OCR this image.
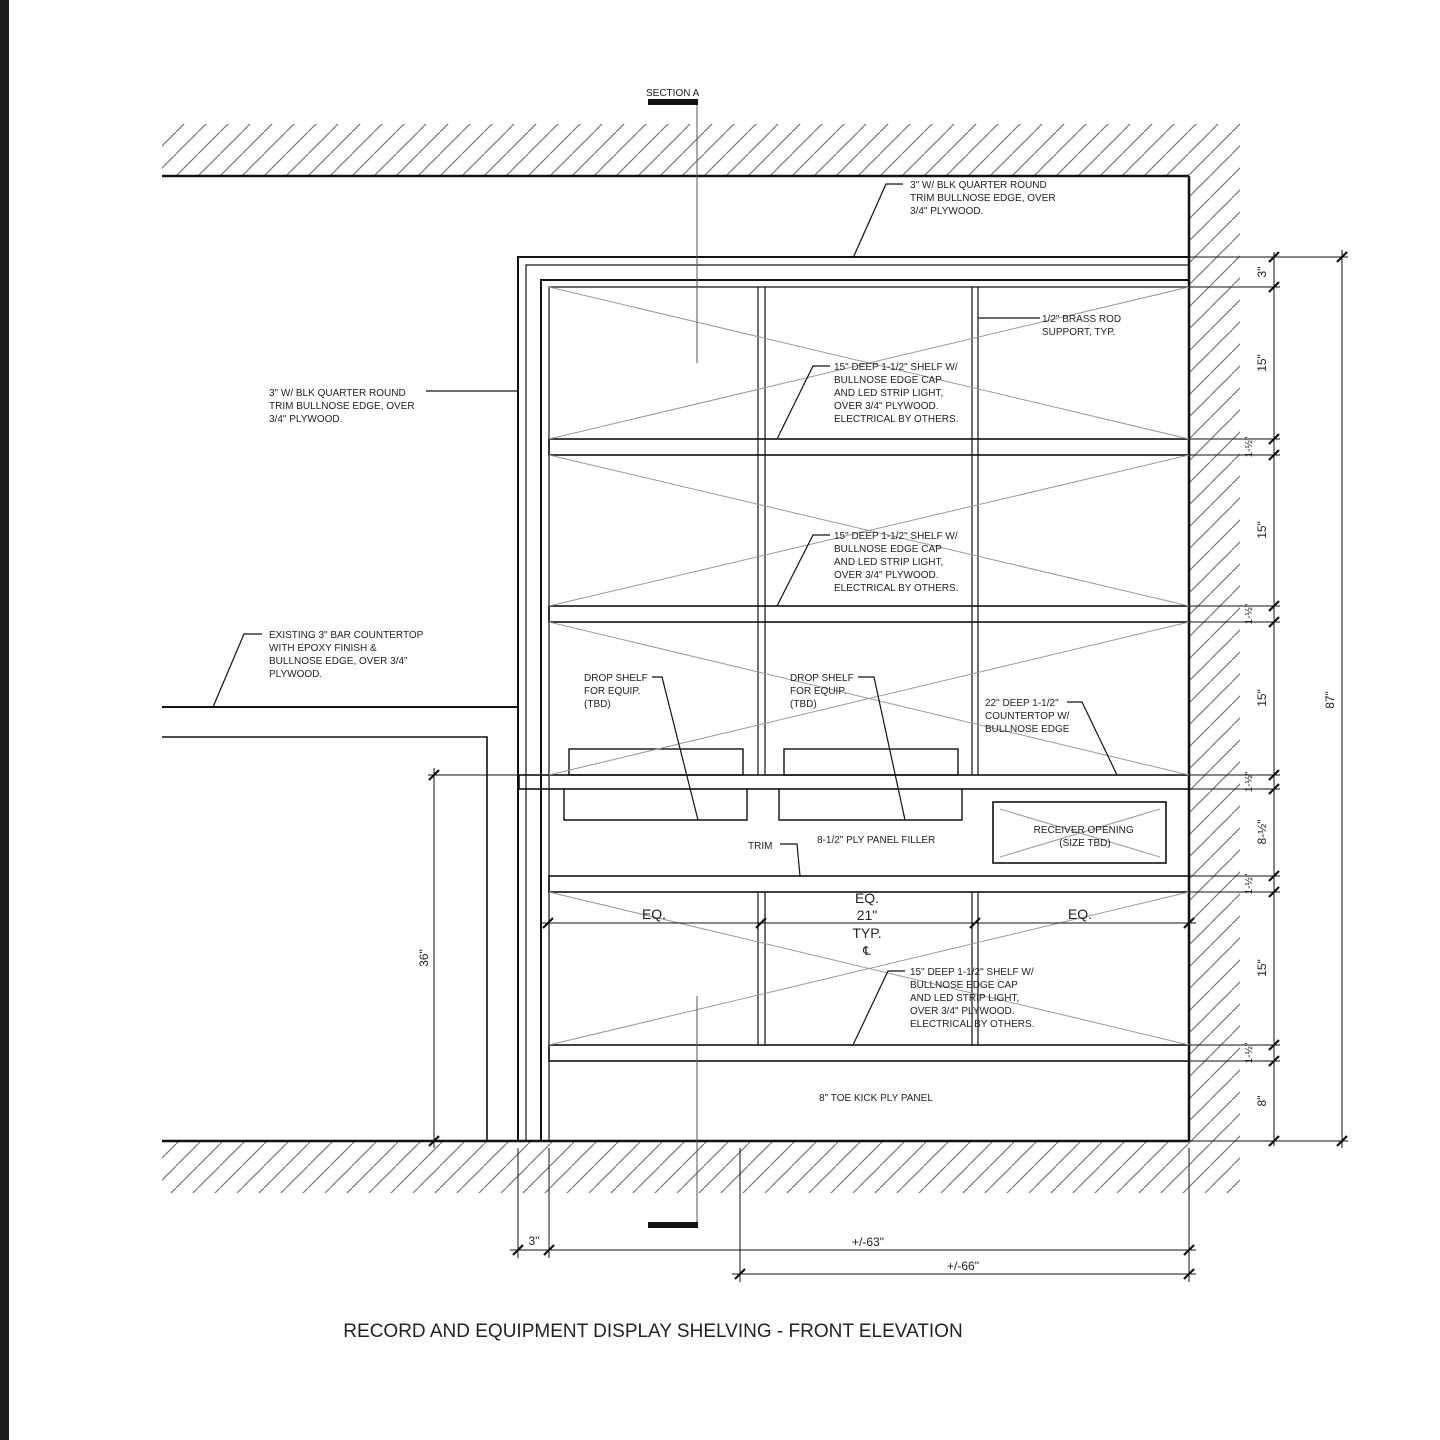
SECTION A
3" W/ BLK QUARTER ROUND TRIM BULLNOSE EDGE, OVER 3/4" PLYWOOD.
3" W/ BLK QUARTER ROUND TRIM BULLNOSE EDGE, OVER 3/4" PLYWOOD.
1/2" BRASS ROD SUPPORT, TYP.
15" DEEP 1-1/2" SHELF W/ BULLNOSE EDGE CAP AND LED STRIP LIGHT, OVER 3/4" PLYWOOD. ELECTRICAL BY OTHERS.
15" DEEP 1-1/2" SHELF W/ BULLNOSE EDGE CAP AND LED STRIP LIGHT, OVER 3/4" PLYWOOD. ELECTRICAL BY OTHERS.
EXISTING 3" BAR COUNTERTOP WITH EPOXY FINISH & BULLNOSE EDGE, OVER 3/4" PLYWOOD.	DROP SHELF FOR EQUIP. (TBD)
DROP SHELF FOR EQUIP. (TBD)	22" DEEP 1-1/2" COUNTERTOP W/ BULLNOSE EDGE
RECEIVER OPENING (SIZE TBD)
TRIM
8-1/2" PLY PANEL FILLER
15" DEEP 1-1/2" SHELF W/ BULLNOSE EDGE CAP AND LED STRIP LIGHT, OVER 3/4" PLYWOOD. ELECTRICAL BY OTHERS.
8" TOE KICK PLY PANEL
3"
15"
1-½"
15"
1-½"
15"
1-½"
8-½"
1-½"
15"
1-½"
8"
87"
36"
EQ.
EQ.
21"
TYP.
℄
EQ.
3"	+/-63"
+/-66"
RECORD AND EQUIPMENT DISPLAY SHELVING - FRONT ELEVATION
